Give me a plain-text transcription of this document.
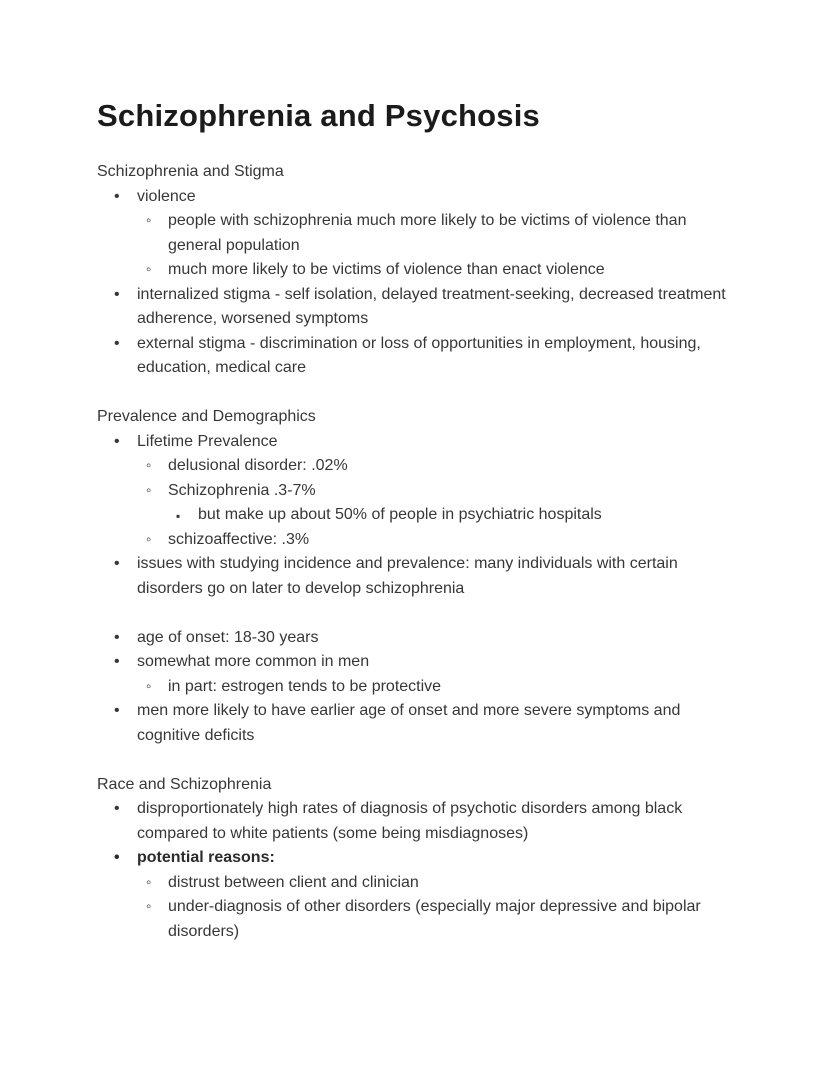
Schizophrenia and Psychosis

Schizophrenia and Stigma

• violence
◦ people with schizophrenia much more likely to be victims of violence than general population
◦ much more likely to be victims of violence than enact violence
• internalized stigma - self isolation, delayed treatment-seeking, decreased treatment adherence, worsened symptoms
• external stigma - discrimination or loss of opportunities in employment, housing, education, medical care

Prevalence and Demographics

• Lifetime Prevalence
◦ delusional disorder: .02%
◦ Schizophrenia .3-7%
▪ but make up about 50% of people in psychiatric hospitals
◦ schizoaffective: .3%
• issues with studying incidence and prevalence: many individuals with certain disorders go on later to develop schizophrenia
• age of onset: 18-30 years
• somewhat more common in men
◦ in part: estrogen tends to be protective
• men more likely to have earlier age of onset and more severe symptoms and cognitive deficits

Race and Schizophrenia

• disproportionately high rates of diagnosis of psychotic disorders among black compared to white patients (some being misdiagnoses)
• potential reasons:
◦ distrust between client and clinician
◦ under-diagnosis of other disorders (especially major depressive and bipolar disorders)
